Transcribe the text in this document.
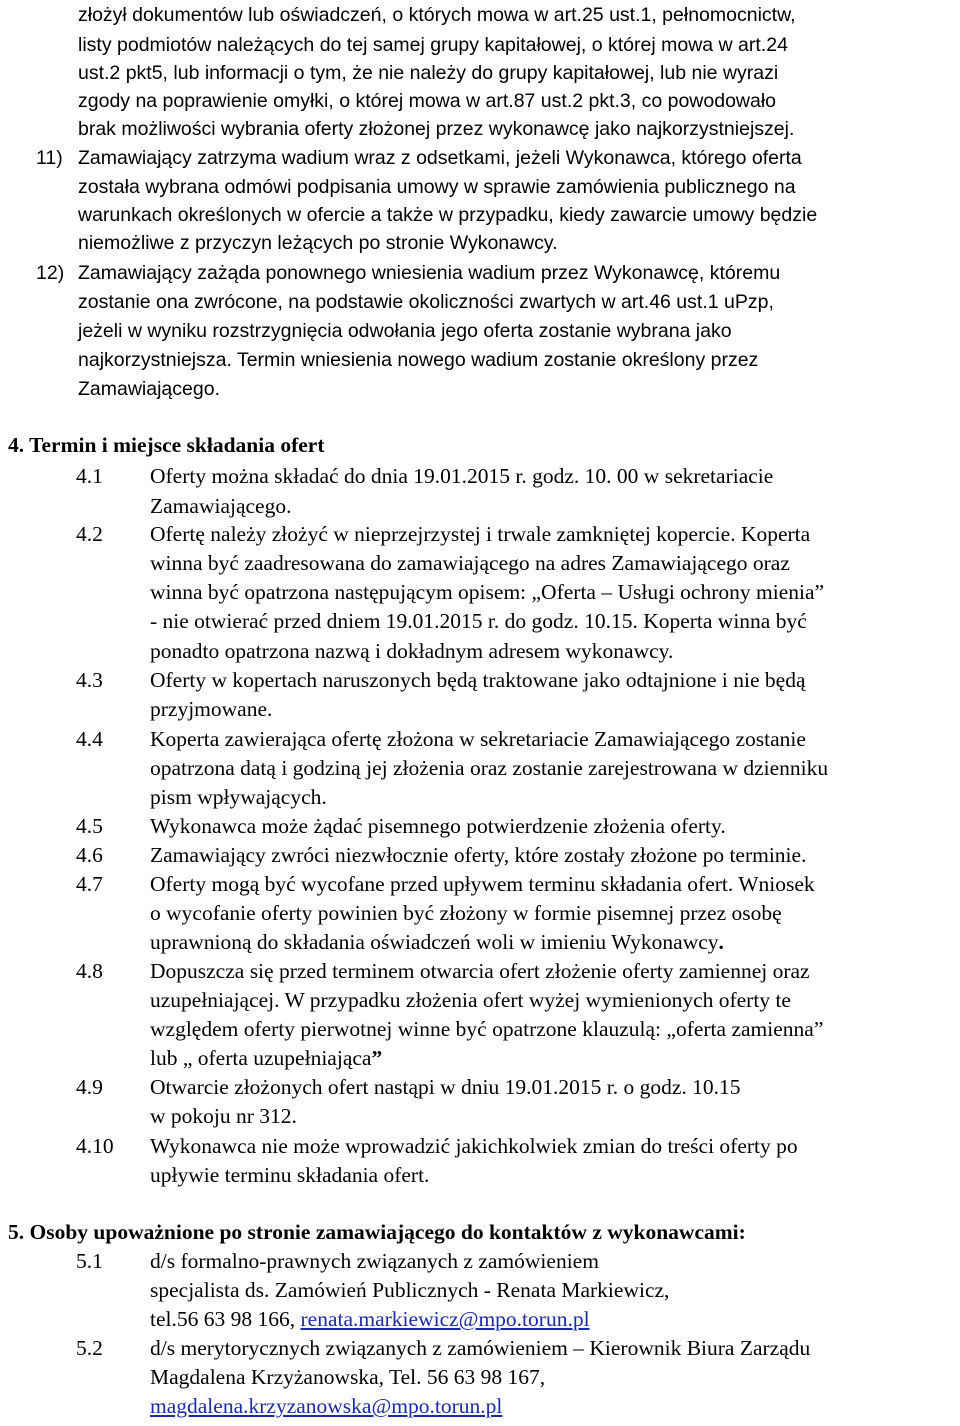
złożył dokumentów lub oświadczeń, o których mowa w art.25 ust.1, pełnomocnictw,
listy podmiotów należących do tej samej grupy kapitałowej, o której mowa w art.24
ust.2 pkt5, lub informacji o tym, że nie należy do grupy kapitałowej, lub nie wyrazi
zgody na poprawienie omyłki, o której mowa w art.87 ust.2 pkt.3, co powodowało
brak możliwości wybrania oferty złożonej przez wykonawcę jako najkorzystniejszej.
11) Zamawiający zatrzyma wadium wraz z odsetkami, jeżeli Wykonawca, którego oferta
została wybrana odmówi podpisania umowy w sprawie zamówienia publicznego na
warunkach określonych w ofercie a także w przypadku, kiedy zawarcie umowy będzie
niemożliwe z przyczyn leżących po stronie Wykonawcy.
12) Zamawiający zażąda ponownego wniesienia wadium przez Wykonawcę, któremu
zostanie ona zwrócone, na podstawie okoliczności zwartych w art.46 ust.1 uPzp,
jeżeli w wyniku rozstrzygnięcia odwołania jego oferta zostanie wybrana jako
najkorzystniejsza. Termin wniesienia nowego wadium zostanie określony przez
Zamawiającego.
4. Termin i miejsce składania ofert
4.1 Oferty można składać do dnia 19.01.2015 r. godz. 10. 00 w sekretariacie
Zamawiającego.
4.2 Ofertę należy złożyć w nieprzejrzystej i trwale zamkniętej kopercie. Koperta
winna być zaadresowana do zamawiającego na adres Zamawiającego oraz
winna być opatrzona następującym opisem: „Oferta – Usługi ochrony mienia”
- nie otwierać przed dniem 19.01.2015 r. do godz. 10.15. Koperta winna być
ponadto opatrzona nazwą i dokładnym adresem wykonawcy.
4.3 Oferty w kopertach naruszonych będą traktowane jako odtajnione i nie będą
przyjmowane.
4.4 Koperta zawierająca ofertę złożona w sekretariacie Zamawiającego zostanie
opatrzona datą i godziną jej złożenia oraz zostanie zarejestrowana w dzienniku
pism wpływających.
4.5 Wykonawca może żądać pisemnego potwierdzenie złożenia oferty.
4.6 Zamawiający zwróci niezwłocznie oferty, które zostały złożone po terminie.
4.7 Oferty mogą być wycofane przed upływem terminu składania ofert. Wniosek
o wycofanie oferty powinien być złożony w formie pisemnej przez osobę
uprawnioną do składania oświadczeń woli w imieniu Wykonawcy.
4.8 Dopuszcza się przed terminem otwarcia ofert złożenie oferty zamiennej oraz
uzupełniającej. W przypadku złożenia ofert wyżej wymienionych oferty te
względem oferty pierwotnej winne być opatrzone klauzulą: „oferta zamienna”
lub „ oferta uzupełniająca”
4.9 Otwarcie złożonych ofert nastąpi w dniu 19.01.2015 r. o godz. 10.15
w pokoju nr 312.
4.10 Wykonawca nie może wprowadzić jakichkolwiek zmian do treści oferty po
upływie terminu składania ofert.
5. Osoby upoważnione po stronie zamawiającego do kontaktów z wykonawcami:
5.1 d/s formalno-prawnych związanych z zamówieniem
specjalista ds. Zamówień Publicznych - Renata Markiewicz,
tel.56 63 98 166, renata.markiewicz@mpo.torun.pl
5.2 d/s merytorycznych związanych z zamówieniem – Kierownik Biura Zarządu
Magdalena Krzyżanowska, Tel. 56 63 98 167,
magdalena.krzyzanowska@mpo.torun.pl
